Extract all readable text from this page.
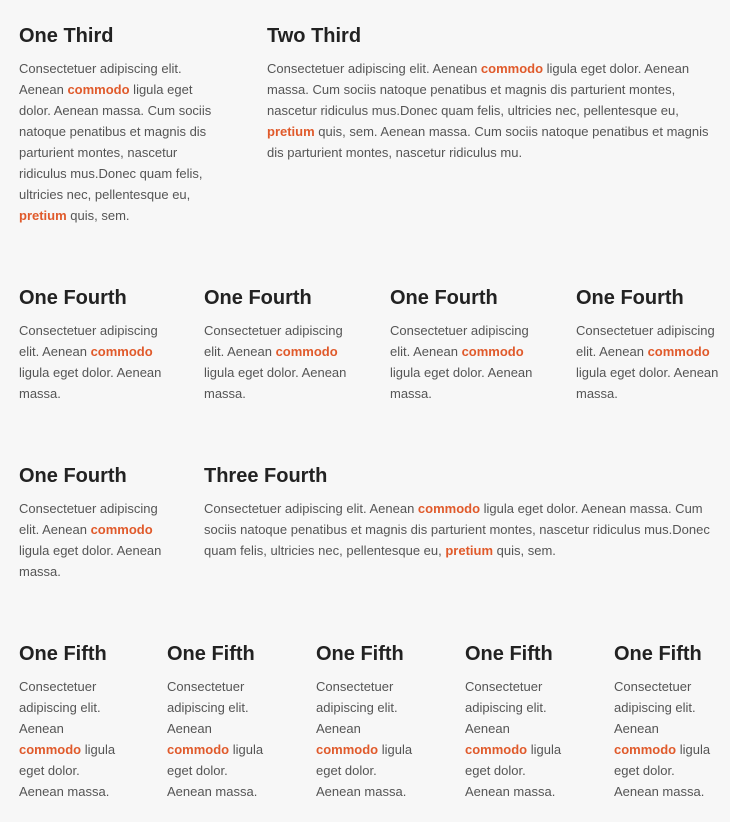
One Third

Consectetuer adipiscing elit. Aenean commodo ligula eget dolor. Aenean massa. Cum sociis natoque penatibus et magnis dis parturient montes, nascetur ridiculus mus.Donec quam felis, ultricies nec, pellentesque eu, pretium quis, sem.

Two Third

Consectetuer adipiscing elit. Aenean commodo ligula eget dolor. Aenean massa. Cum sociis natoque penatibus et magnis dis parturient montes, nascetur ridiculus mus.Donec quam felis, ultricies nec, pellentesque eu, pretium quis, sem. Aenean massa. Cum sociis natoque penatibus et magnis dis parturient montes, nascetur ridiculus mu.

One Fourth

Consectetuer adipiscing elit. Aenean commodo ligula eget dolor. Aenean massa.

One Fourth

Consectetuer adipiscing elit. Aenean commodo ligula eget dolor. Aenean massa.

One Fourth

Consectetuer adipiscing elit. Aenean commodo ligula eget dolor. Aenean massa.

One Fourth

Consectetuer adipiscing elit. Aenean commodo ligula eget dolor. Aenean massa.

One Fourth

Consectetuer adipiscing elit. Aenean commodo ligula eget dolor. Aenean massa.

Three Fourth

Consectetuer adipiscing elit. Aenean commodo ligula eget dolor. Aenean massa. Cum sociis natoque penatibus et magnis dis parturient montes, nascetur ridiculus mus.Donec quam felis, ultricies nec, pellentesque eu, pretium quis, sem.

One Fifth

Consectetuer adipiscing elit. Aenean commodo ligula eget dolor. Aenean massa.

One Fifth

Consectetuer adipiscing elit. Aenean commodo ligula eget dolor. Aenean massa.

One Fifth

Consectetuer adipiscing elit. Aenean commodo ligula eget dolor. Aenean massa.

One Fifth

Consectetuer adipiscing elit. Aenean commodo ligula eget dolor. Aenean massa.

One Fifth

Consectetuer adipiscing elit. Aenean commodo ligula eget dolor. Aenean massa.
